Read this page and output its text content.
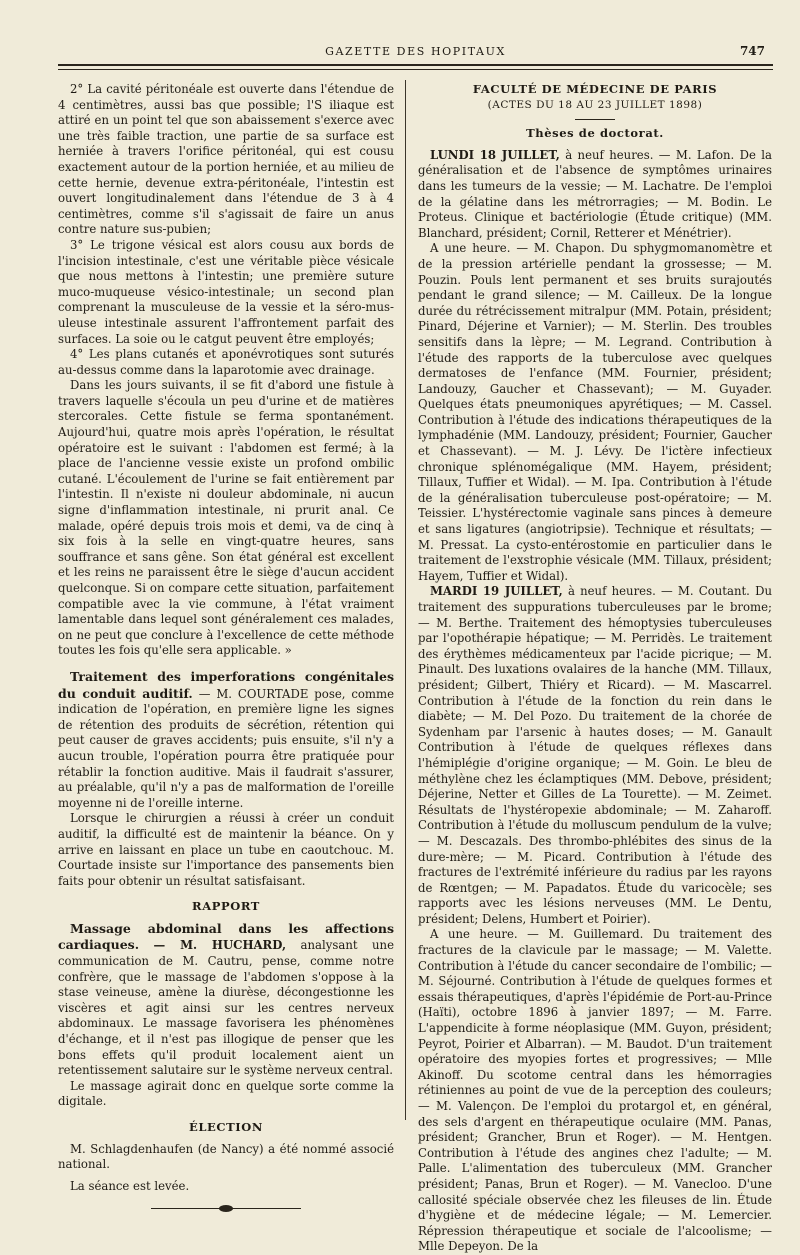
GAZETTE DES HOPITAUX	747

2° La cavité péritonéale est ouverte dans l'étendue de 4 centimètres, aussi bas que possible; l'S iliaque est attiré en un point tel que son abaissement s'exerce avec une très faible traction, une partie de sa surface est herniée à travers l'orifice péritonéal, qui est cousu exactement autour de la portion herniée, et au milieu de cette hernie, devenue extra-péritonéale, l'intestin est ouvert longitudinalement dans l'étendue de 3 à 4 centimètres, comme s'il s'agissait de faire un anus contre nature sus-pubien;

3° Le trigone vésical est alors cousu aux bords de l'incision intestinale, c'est une véritable pièce vésicale que nous mettons à l'intestin; une première suture muco-muqueuse vésico-intestinale; un second plan comprenant la musculeuse de la vessie et la séro-mus-uleuse intestinale assurent l'affrontement parfait des surfaces. La soie ou le catgut peuvent être employés;

4° Les plans cutanés et aponévrotiques sont suturés au-dessus comme dans la laparotomie avec drainage.

Dans les jours suivants, il se fit d'abord une fistule à travers laquelle s'écoula un peu d'urine et de matières stercorales. Cette fistule se ferma spontanément. Aujourd'hui, quatre mois après l'opération, le résultat opératoire est le suivant : l'abdomen est fermé; à la place de l'ancienne vessie existe un profond ombilic cutané. L'écoulement de l'urine se fait entièrement par l'intestin. Il n'existe ni douleur abdominale, ni aucun signe d'inflammation intestinale, ni prurit anal. Ce malade, opéré depuis trois mois et demi, va de cinq à six fois à la selle en vingt-quatre heures, sans souffrance et sans gêne. Son état général est excellent et les reins ne paraissent être le siège d'aucun accident quelconque. Si on compare cette situation, parfaitement compatible avec la vie commune, à l'état vraiment lamentable dans lequel sont généralement ces malades, on ne peut que conclure à l'excellence de cette méthode toutes les fois qu'elle sera applicable. »

Traitement des imperforations congénitales du conduit auditif. — M. COURTADE pose, comme indication de l'opération, en première ligne les signes de rétention des produits de sécrétion, rétention qui peut causer de graves accidents; puis ensuite, s'il n'y a aucun trouble, l'opération pourra être pratiquée pour rétablir la fonction auditive. Mais il faudrait s'assurer, au préalable, qu'il n'y a pas de malformation de l'oreille moyenne ni de l'oreille interne.

Lorsque le chirurgien a réussi à créer un conduit auditif, la difficulté est de maintenir la béance. On y arrive en laissant en place un tube en caoutchouc. M. Courtade insiste sur l'importance des pansements bien faits pour obtenir un résultat satisfaisant.

RAPPORT

Massage abdominal dans les affections cardiaques. — M. HUCHARD, analysant une communication de M. Cautru, pense, comme notre confrère, que le massage de l'abdomen s'oppose à la stase veineuse, amène la diurèse, décongestionne les viscères et agit ainsi sur les centres nerveux abdominaux. Le massage favorisera les phénomènes d'échange, et il n'est pas illogique de penser que les bons effets qu'il produit localement aient un retentissement salutaire sur le système nerveux central.

Le massage agirait donc en quelque sorte comme la digitale.

ÉLECTION

M. Schlagdenhaufen (de Nancy) a été nommé associé national.

La séance est levée.

FACULTÉ DE MÉDECINE DE PARIS

(ACTES DU 18 AU 23 JUILLET 1898)

Thèses de doctorat.

LUNDI 18 JUILLET, à neuf heures. — M. Lafon. De la généralisation et de l'absence de symptômes urinaires dans les tumeurs de la vessie; — M. Lachatre. De l'emploi de la gélatine dans les métrorragies; — M. Bodin. Le Proteus. Clinique et bactériologie (Étude critique) (MM. Blanchard, président; Cornil, Retterer et Ménétrier).

A une heure. — M. Chapon. Du sphygmomanomètre et de la pression artérielle pendant la grossesse; — M. Pouzin. Pouls lent permanent et ses bruits surajoutés pendant le grand silence; — M. Cailleux. De la longue durée du rétrécissement mitralpur (MM. Potain, président; Pinard, Déjerine et Varnier); — M. Sterlin. Des troubles sensitifs dans la lèpre; — M. Legrand. Contribution à l'étude des rapports de la tuberculose avec quelques dermatoses de l'enfance (MM. Fournier, président; Landouzy, Gaucher et Chassevant); — M. Guyader. Quelques états pneumoniques apyrétiques; — M. Cassel. Contribution à l'étude des indications thérapeutiques de la lymphadénie (MM. Landouzy, président; Fournier, Gaucher et Chassevant). — M. J. Lévy. De l'ictère infectieux chronique splénomégalique (MM. Hayem, président; Tillaux, Tuffier et Widal). — M. Ipa. Contribution à l'étude de la généralisation tuberculeuse post-opératoire; — M. Teissier. L'hystérectomie vaginale sans pinces à demeure et sans ligatures (angiotripsie). Technique et résultats; — M. Pressat. La cysto-entérostomie en particulier dans le traitement de l'exstrophie vésicale (MM. Tillaux, président; Hayem, Tuffier et Widal).

MARDI 19 JUILLET, à neuf heures. — M. Coutant. Du traitement des suppurations tuberculeuses par le brome; — M. Berthe. Traitement des hémoptysies tuberculeuses par l'opothérapie hépatique; — M. Perridès. Le traitement des érythèmes médicamenteux par l'acide picrique; — M. Pinault. Des luxations ovalaires de la hanche (MM. Tillaux, président; Gilbert, Thiéry et Ricard). — M. Mascarrel. Contribution à l'étude de la fonction du rein dans le diabète; — M. Del Pozo. Du traitement de la chorée de Sydenham par l'arsenic à hautes doses; — M. Ganault Contribution à l'étude de quelques réflexes dans l'hémiplégie d'origine organique; — M. Goin. Le bleu de méthylène chez les éclamptiques (MM. Debove, président; Déjerine, Netter et Gilles de La Tourette). — M. Zeimet. Résultats de l'hystéropexie abdominale; — M. Zaharoff. Contribution à l'étude du molluscum pendulum de la vulve; — M. Descazals. Des thrombo-phlébites des sinus de la dure-mère; — M. Picard. Contribution à l'étude des fractures de l'extrémité inférieure du radius par les rayons de Rœntgen; — M. Papadatos. Étude du varicocèle; ses rapports avec les lésions nerveuses (MM. Le Dentu, président; Delens, Humbert et Poirier).

A une heure. — M. Guillemard. Du traitement des fractures de la clavicule par le massage; — M. Valette. Contribution à l'étude du cancer secondaire de l'ombilic; — M. Séjourné. Contribution à l'étude de quelques formes et essais thérapeutiques, d'après l'épidémie de Port-au-Prince (Haïti), octobre 1896 à janvier 1897; — M. Farre. L'appendicite à forme néoplasique (MM. Guyon, président; Peyrot, Poirier et Albarran). — M. Baudot. D'un traitement opératoire des myopies fortes et progressives; — Mlle Akinoff. Du scotome central dans les hémorragies rétiniennes au point de vue de la perception des couleurs; — M. Valençon. De l'emploi du protargol et, en général, des sels d'argent en thérapeutique oculaire (MM. Panas, président; Grancher, Brun et Roger). — M. Hentgen. Contribution à l'étude des angines chez l'adulte; — M. Palle. L'alimentation des tuberculeux (MM. Grancher président; Panas, Brun et Roger). — M. Vanecloo. D'une callosité spéciale observée chez les fileuses de lin. Étude d'hygiène et de médecine légale; — M. Lemercier. Répression thérapeutique et sociale de l'alcoolisme; — Mlle Depeyon. De la
